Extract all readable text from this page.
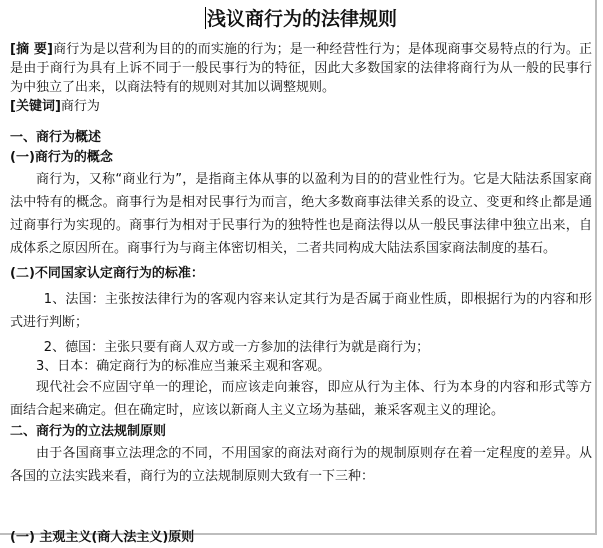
浅议商行为的法律规则

[摘 要]商行为是以营利为目的的而实施的行为；是一种经营性行为；是体现商事交易特点的行为。正是由于商行为具有上诉不同于一般民事行为的特征，因此大多数国家的法律将商行为从一般的民事行为中独立了出来，以商法特有的规则对其加以调整规则。

[关键词]商行为

一、商行为概述

(一)商行为的概念

商行为，又称“商业行为”，是指商主体从事的以盈利为目的的营业性行为。它是大陆法系国家商法中特有的概念。商事行为是相对民事行为而言，绝大多数商事法律关系的设立、变更和终止都是通过商事行为实现的。商事行为相对于民事行为的独特性也是商法得以从一般民事法律中独立出来，自成体系之原因所在。商事行为与商主体密切相关，二者共同构成大陆法系国家商法制度的基石。

(二)不同国家认定商行为的标准：

1、法国：主张按法律行为的客观内容来认定其行为是否属于商业性质，即根据行为的内容和形式进行判断；

2、德国：主张只要有商人双方或一方参加的法律行为就是商行为；

3、日本：确定商行为的标准应当兼采主观和客观。

现代社会不应固守单一的理论，而应该走向兼容，即应从行为主体、行为本身的内容和形式等方面结合起来确定。但在确定时，应该以新商人主义立场为基础，兼采客观主义的理论。

二、商行为的立法规制原则

由于各国商事立法理念的不同，不用国家的商法对商行为的规制原则存在着一定程度的差异。从各国的立法实践来看，商行为的立法规制原则大致有一下三种：

(一) 主观主义(商人法主义)原则
